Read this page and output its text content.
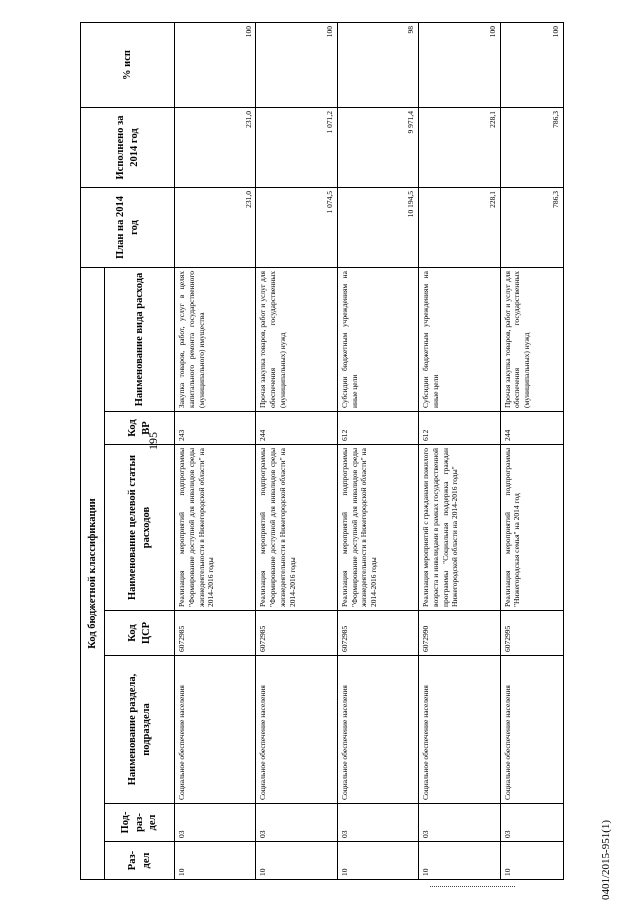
195
0401/2015-951(1)
Код бюджетной классификации							План на 2014 год	Исполнено за 2014 год	% исп
Раз-дел	Под-раз-дел	Наименование раздела, подраздела	Код ЦСР	Наименование целевой статьи расходов	Код ВР	Наименование вида расхода			
10	03	Социальное обеспечение населения	6072985	Реализация мероприятий подпрограммы "Формирование доступной для инвалидов среды жизнедеятельности в Нижегородской области" на 2014-2016 годы	243	Закупка товаров, работ, услуг в целях капитального ремонта государственного (муниципального) имущества	231,0	231,0	100
10	03	Социальное обеспечение населения	6072985	Реализация мероприятий подпрограммы "Формирование доступной для инвалидов среды жизнедеятельности в Нижегородской области" на 2014-2016 годы	244	Прочая закупка товаров, работ и услуг для обеспечения государственных (муниципальных) нужд	1 074,5	1 071,2	100
10	03	Социальное обеспечение населения	6072985	Реализация мероприятий подпрограммы "Формирование доступной для инвалидов среды жизнедеятельности в Нижегородской области" на 2014-2016 годы	612	Субсидии бюджетным учреждениям на иные цели	10 194,5	9 971,4	98
10	03	Социальное обеспечение населения	6072990	Реализация мероприятий с гражданами пожилого возраста и инвалидами в рамках государственной программы "Социальная поддержка граждан Нижегородской области на 2014-2016 годы"	612	Субсидии бюджетным учреждениям на иные цели	228,1	228,1	100
10	03	Социальное обеспечение населения	6072995	Реализация мероприятий подпрограммы "Нижегородская семья" на 2014 год	244	Прочая закупка товаров, работ и услуг для обеспечения государственных (муниципальных) нужд	786,3	786,3	100
